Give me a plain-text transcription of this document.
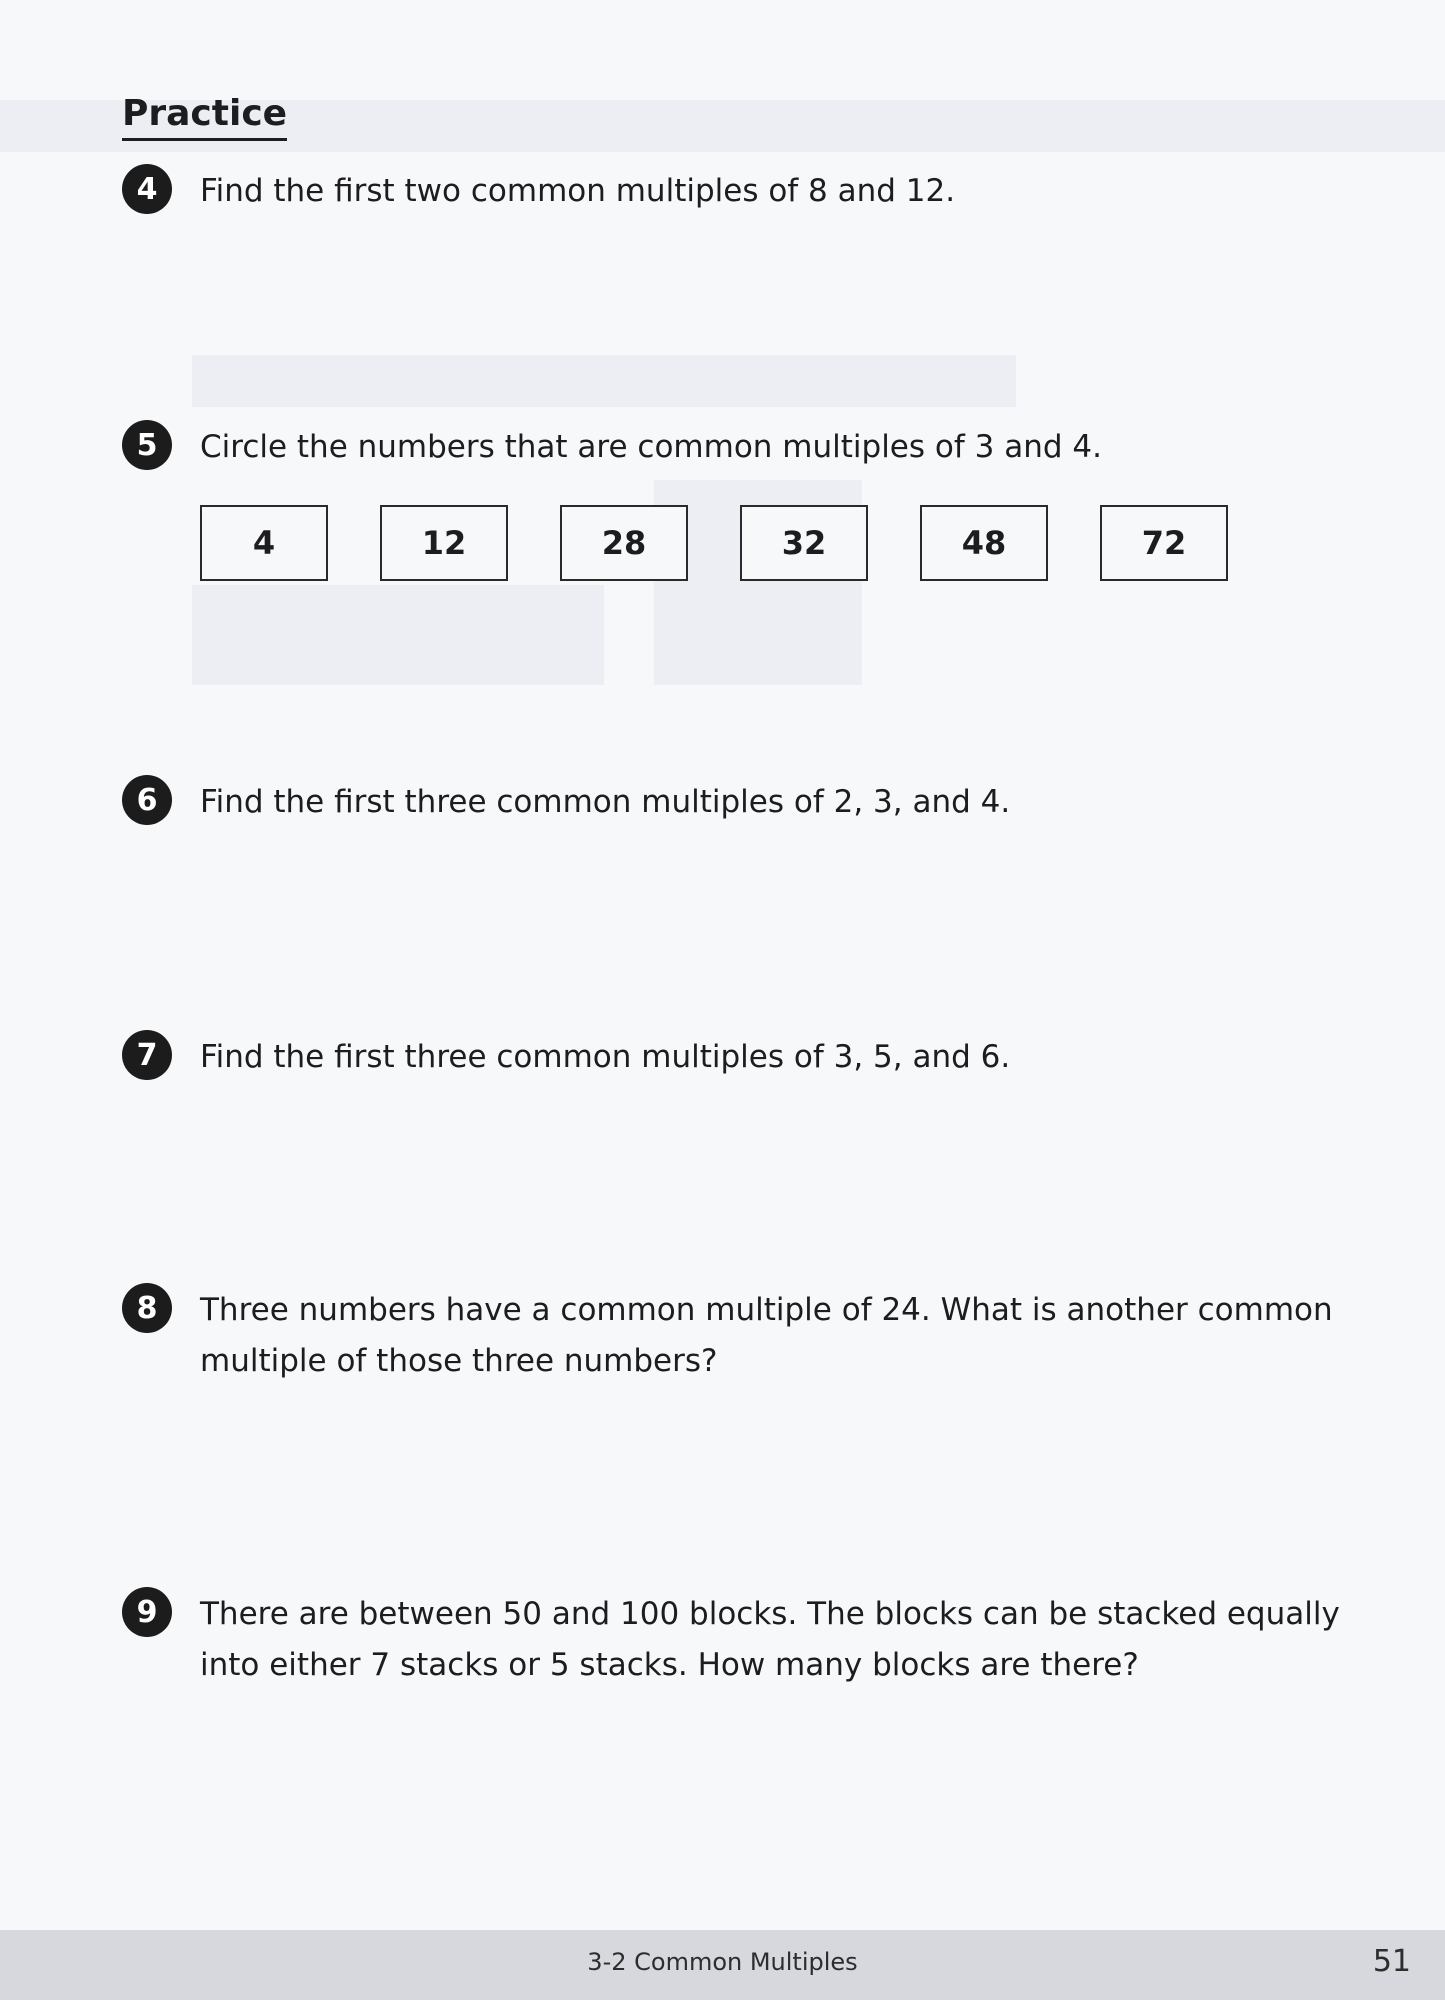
Practice
4	Find the first two common multiples of 8 and 12.
5	Circle the numbers that are common multiples of 3 and 4.
4	12	28	32	48	72
6	Find the first three common multiples of 2, 3, and 4.
7	Find the first three common multiples of 3, 5, and 6.
8	Three numbers have a common multiple of 24. What is another common multiple of those three numbers?
9	There are between 50 and 100 blocks. The blocks can be stacked equally into either 7 stacks or 5 stacks. How many blocks are there?
3-2 Common Multiples	51
